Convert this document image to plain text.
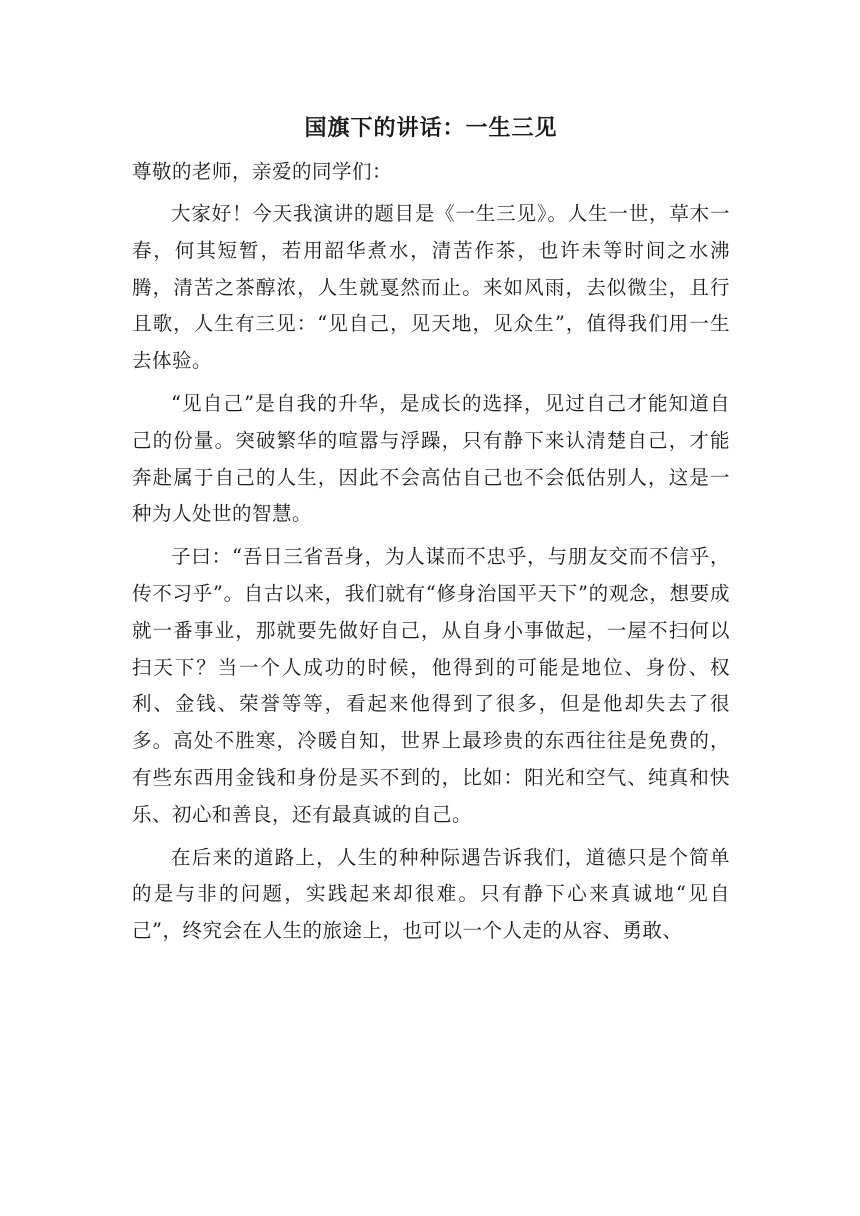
国旗下的讲话：一生三见

尊敬的老师，亲爱的同学们：

大家好！今天我演讲的题目是《一生三见》。人生一世，草木一春，何其短暂，若用韶华煮水，清苦作茶，也许未等时间之水沸腾，清苦之茶醇浓，人生就戛然而止。来如风雨，去似微尘，且行且歌，人生有三见：“见自己，见天地，见众生”，值得我们用一生去体验。

“见自己”是自我的升华，是成长的选择，见过自己才能知道自己的份量。突破繁华的喧嚣与浮躁，只有静下来认清楚自己，才能奔赴属于自己的人生，因此不会高估自己也不会低估别人，这是一种为人处世的智慧。

子曰：“吾日三省吾身，为人谋而不忠乎，与朋友交而不信乎，传不习乎”。自古以来，我们就有“修身治国平天下”的观念，想要成就一番事业，那就要先做好自己，从自身小事做起，一屋不扫何以扫天下？当一个人成功的时候，他得到的可能是地位、身份、权利、金钱、荣誉等等，看起来他得到了很多，但是他却失去了很多。高处不胜寒，冷暖自知，世界上最珍贵的东西往往是免费的，有些东西用金钱和身份是买不到的，比如：阳光和空气、纯真和快乐、初心和善良，还有最真诚的自己。

在后来的道路上，人生的种种际遇告诉我们，道德只是个简单的是与非的问题，实践起来却很难。只有静下心来真诚地“见自己”，终究会在人生的旅途上，也可以一个人走的从容、勇敢、
